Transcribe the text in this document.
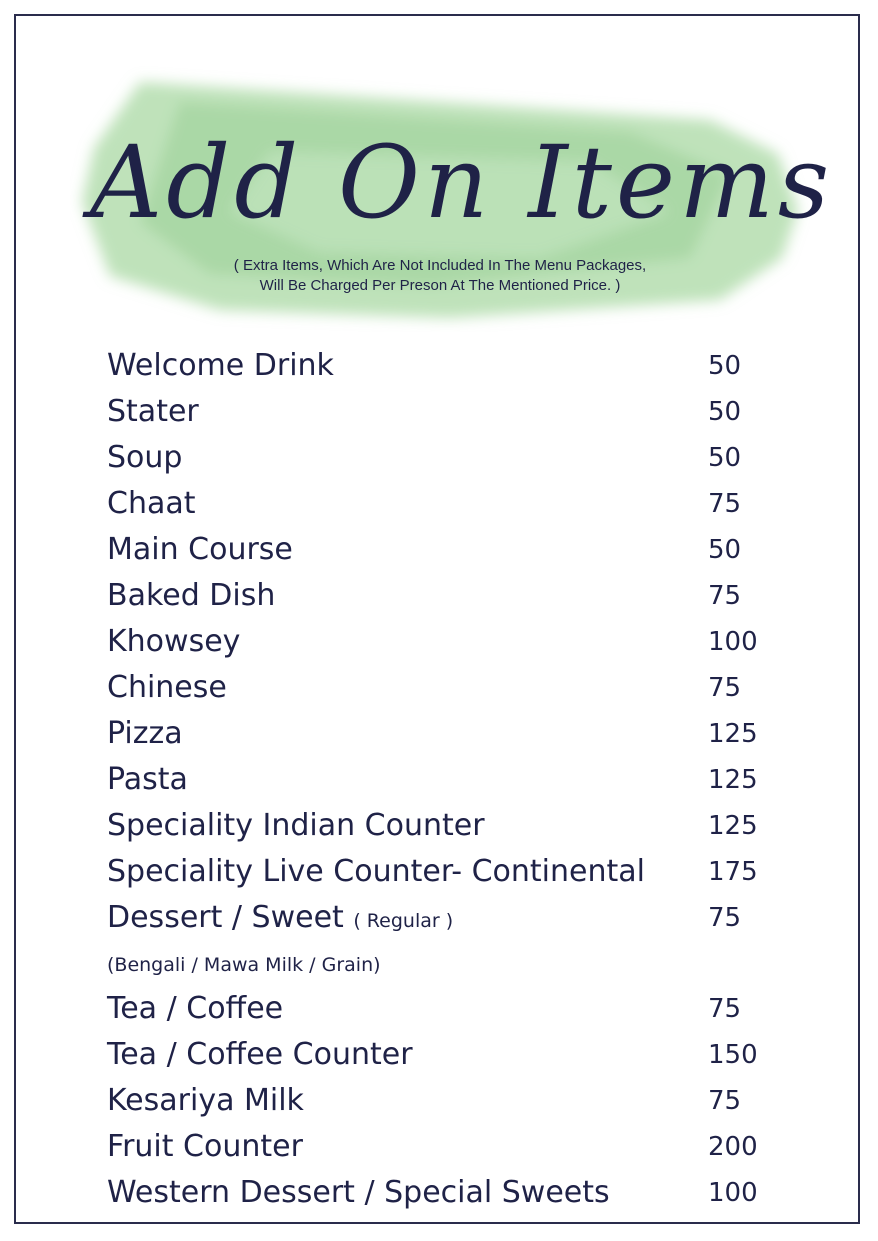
Add On Items
( Extra Items, Which Are Not Included In The Menu Packages,
Will Be Charged Per Preson At The Mentioned Price. )
Welcome Drink	50
Stater	50
Soup	50
Chaat	75
Main Course	50
Baked Dish	75
Khowsey	100
Chinese	75
Pizza	125
Pasta	125
Speciality Indian Counter	125
Speciality Live Counter- Continental 175
Dessert / Sweet ( Regular )	75
(Bengali / Mawa Milk / Grain)
Tea / Coffee	75
Tea / Coffee Counter	150
Kesariya Milk	75
Fruit Counter	200
Western Dessert / Special Sweets	100
